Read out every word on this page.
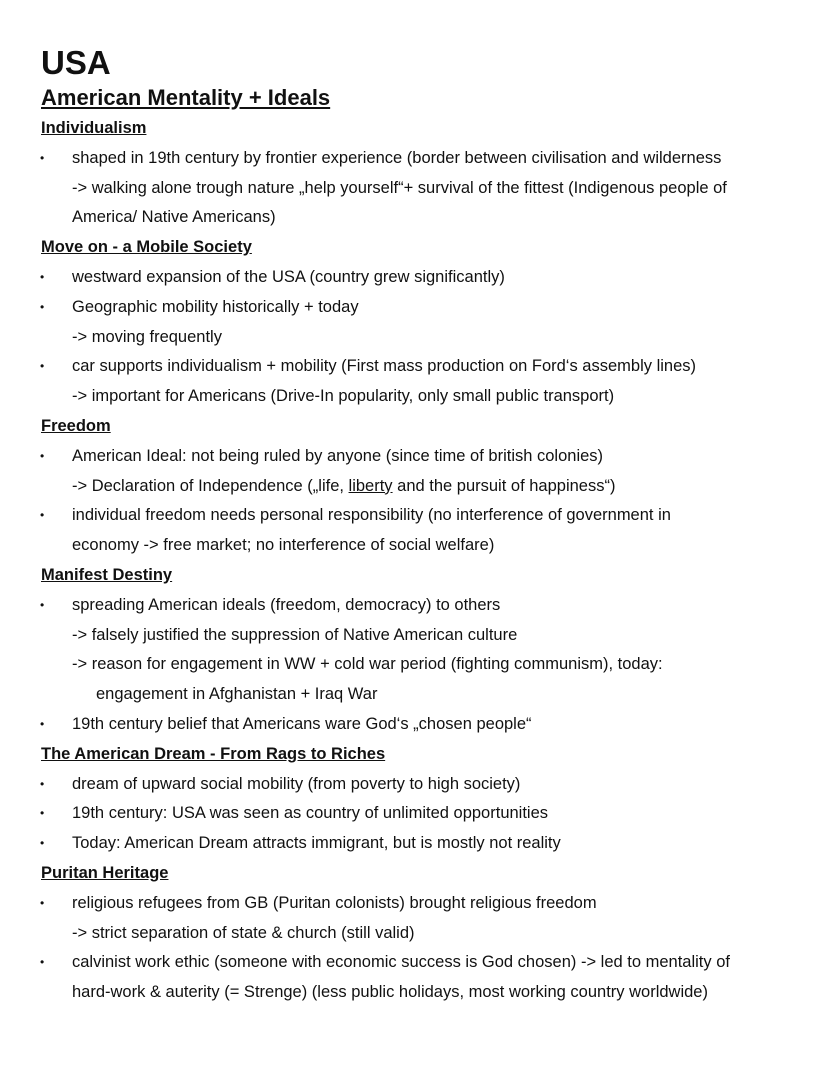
USA
American Mentality + Ideals
Individualism
• shaped in 19th century by frontier experience (border between civilisation and wilderness
-> walking alone trough nature „help yourself“+ survival of the fittest (Indigenous people of
America/ Native Americans)
Move on - a Mobile Society
• westward expansion of the USA (country grew significantly)
• Geographic mobility historically + today
-> moving frequently
• car supports individualism + mobility (First mass production on Ford‘s assembly lines)
-> important for Americans (Drive-In popularity, only small public transport)
Freedom
• American Ideal: not being ruled by anyone (since time of british colonies)
-> Declaration of Independence („life, liberty and the pursuit of happiness“)
• individual freedom needs personal responsibility (no interference of government in
economy -> free market; no interference of social welfare)
Manifest Destiny
• spreading American ideals (freedom, democracy) to others
-> falsely justified the suppression of Native American culture
-> reason for engagement in WW + cold war period (fighting communism), today:
engagement in Afghanistan + Iraq War
• 19th century belief that Americans ware God‘s „chosen people“
The American Dream - From Rags to Riches
• dream of upward social mobility (from poverty to high society)
• 19th century: USA was seen as country of unlimited opportunities
• Today: American Dream attracts immigrant, but is mostly not reality
Puritan Heritage
• religious refugees from GB (Puritan colonists) brought religious freedom
-> strict separation of state & church (still valid)
• calvinist work ethic (someone with economic success is God chosen) -> led to mentality of
hard-work & auterity (= Strenge) (less public holidays, most working country worldwide)
